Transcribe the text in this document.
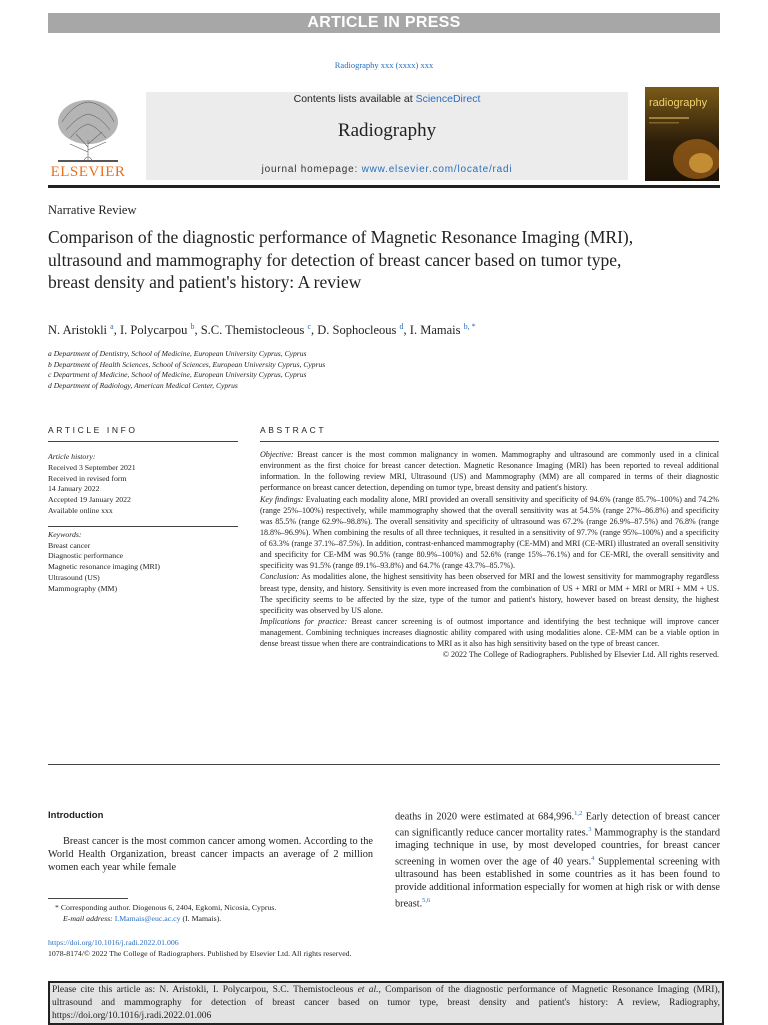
ARTICLE IN PRESS
Radiography xxx (xxxx) xxx
ELSEVIER
Contents lists available at ScienceDirect
Radiography
journal homepage: www.elsevier.com/locate/radi
radiography
Narrative Review
Comparison of the diagnostic performance of Magnetic Resonance Imaging (MRI), ultrasound and mammography for detection of breast cancer based on tumor type, breast density and patient's history: A review
N. Aristokli $^a$, I. Polycarpou $^b$, S.C. Themistocleous $^c$, D. Sophocleous $^d$, I. Mamais $^{b, *}$
a Department of Dentistry, School of Medicine, European University Cyprus, Cyprus
b Department of Health Sciences, School of Sciences, European University Cyprus, Cyprus
c Department of Medicine, School of Medicine, European University Cyprus, Cyprus
d Department of Radiology, American Medical Center, Cyprus
ARTICLE INFO	ABSTRACT
Article history:
Received 3 September 2021
Received in revised form
14 January 2022
Accepted 19 January 2022
Available online xxx
Keywords:
Breast cancer
Diagnostic performance
Magnetic resonance imaging (MRI)
Ultrasound (US)
Mammography (MM)
Objective: Breast cancer is the most common malignancy in women. Mammography and ultrasound are commonly used in a clinical environment as the first choice for breast cancer detection. Magnetic Resonance Imaging (MRI) has been reported to reveal additional information. In the following review MRI, Ultrasound (US) and Mammography (MM) are all compared in terms of their diagnostic performance on breast cancer detection, depending on tumor type, breast density and patient's history.
Key findings: Evaluating each modality alone, MRI provided an overall sensitivity and specificity of 94.6% (range 85.7%–100%) and 74.2% (range 25%–100%) respectively, while mammography showed that the overall sensitivity was at 54.5% (range 27%–86.8%) and specificity was 85.5% (range 62.9%–98.8%). The overall sensitivity and specificity of ultrasound was 67.2% (range 26.9%–87.5%) and 76.8% (range 18.8%–96.9%). When combining the results of all three techniques, it resulted in a sensitivity of 97.7% (range 95%–100%) and a specificity of 63.3% (range 37.1%–87.5%). In addition, contrast-enhanced mammography (CE-MM) and MRI (CE-MRI) illustrated an overall sensitivity and specificity for CE-MM was 90.5% (range 80.9%–100%) and 52.6% (range 15%–76.1%) and for CE-MRI, the overall sensitivity and specificity was 91.5% (range 89.1%–93.8%) and 64.7% (range 43.7%–85.7%).
Conclusion: As modalities alone, the highest sensitivity has been observed for MRI and the lowest sensitivity for mammography regardless breast type, density, and history. Sensitivity is even more increased from the combination of US + MRI or MM + MRI or MRI + MM + US. The specificity seems to be affected by the size, type of the tumor and patient's history, however based on breast density, the highest specificity was observed by US alone.
Implications for practice: Breast cancer screening is of outmost importance and identifying the best technique will improve cancer management. Combining techniques increases diagnostic ability compared with using modalities alone. CE-MM can be a viable option in dense breast tissue when there are contraindications to MRI as it also has high sensitivity based on the type of breast cancer.
© 2022 The College of Radiographers. Published by Elsevier Ltd. All rights reserved.
Introduction
Breast cancer is the most common cancer among women. According to the World Health Organization, breast cancer impacts an average of 2 million women each year while female
deaths in 2020 were estimated at 684,996.$^{1,2}$ Early detection of breast cancer can significantly reduce cancer mortality rates.$^3$ Mammography is the standard imaging technique in use, by most developed countries, for breast cancer screening in women over the age of 40 years.$^4$ Supplemental screening with ultrasound has been established in some countries as it has been found to provide additional information especially for women at high risk or with dense breast.$^{5,6}$
* Corresponding author. Diogenous 6, 2404, Egkomi, Nicosia, Cyprus.
E-mail address: I.Mamais@euc.ac.cy (I. Mamais).
https://doi.org/10.1016/j.radi.2022.01.006
1078-8174/© 2022 The College of Radiographers. Published by Elsevier Ltd. All rights reserved.
Please cite this article as: N. Aristokli, I. Polycarpou, S.C. Themistocleous et al., Comparison of the diagnostic performance of Magnetic Resonance Imaging (MRI), ultrasound and mammography for detection of breast cancer based on tumor type, breast density and patient's history: A review, Radiography, https://doi.org/10.1016/j.radi.2022.01.006
